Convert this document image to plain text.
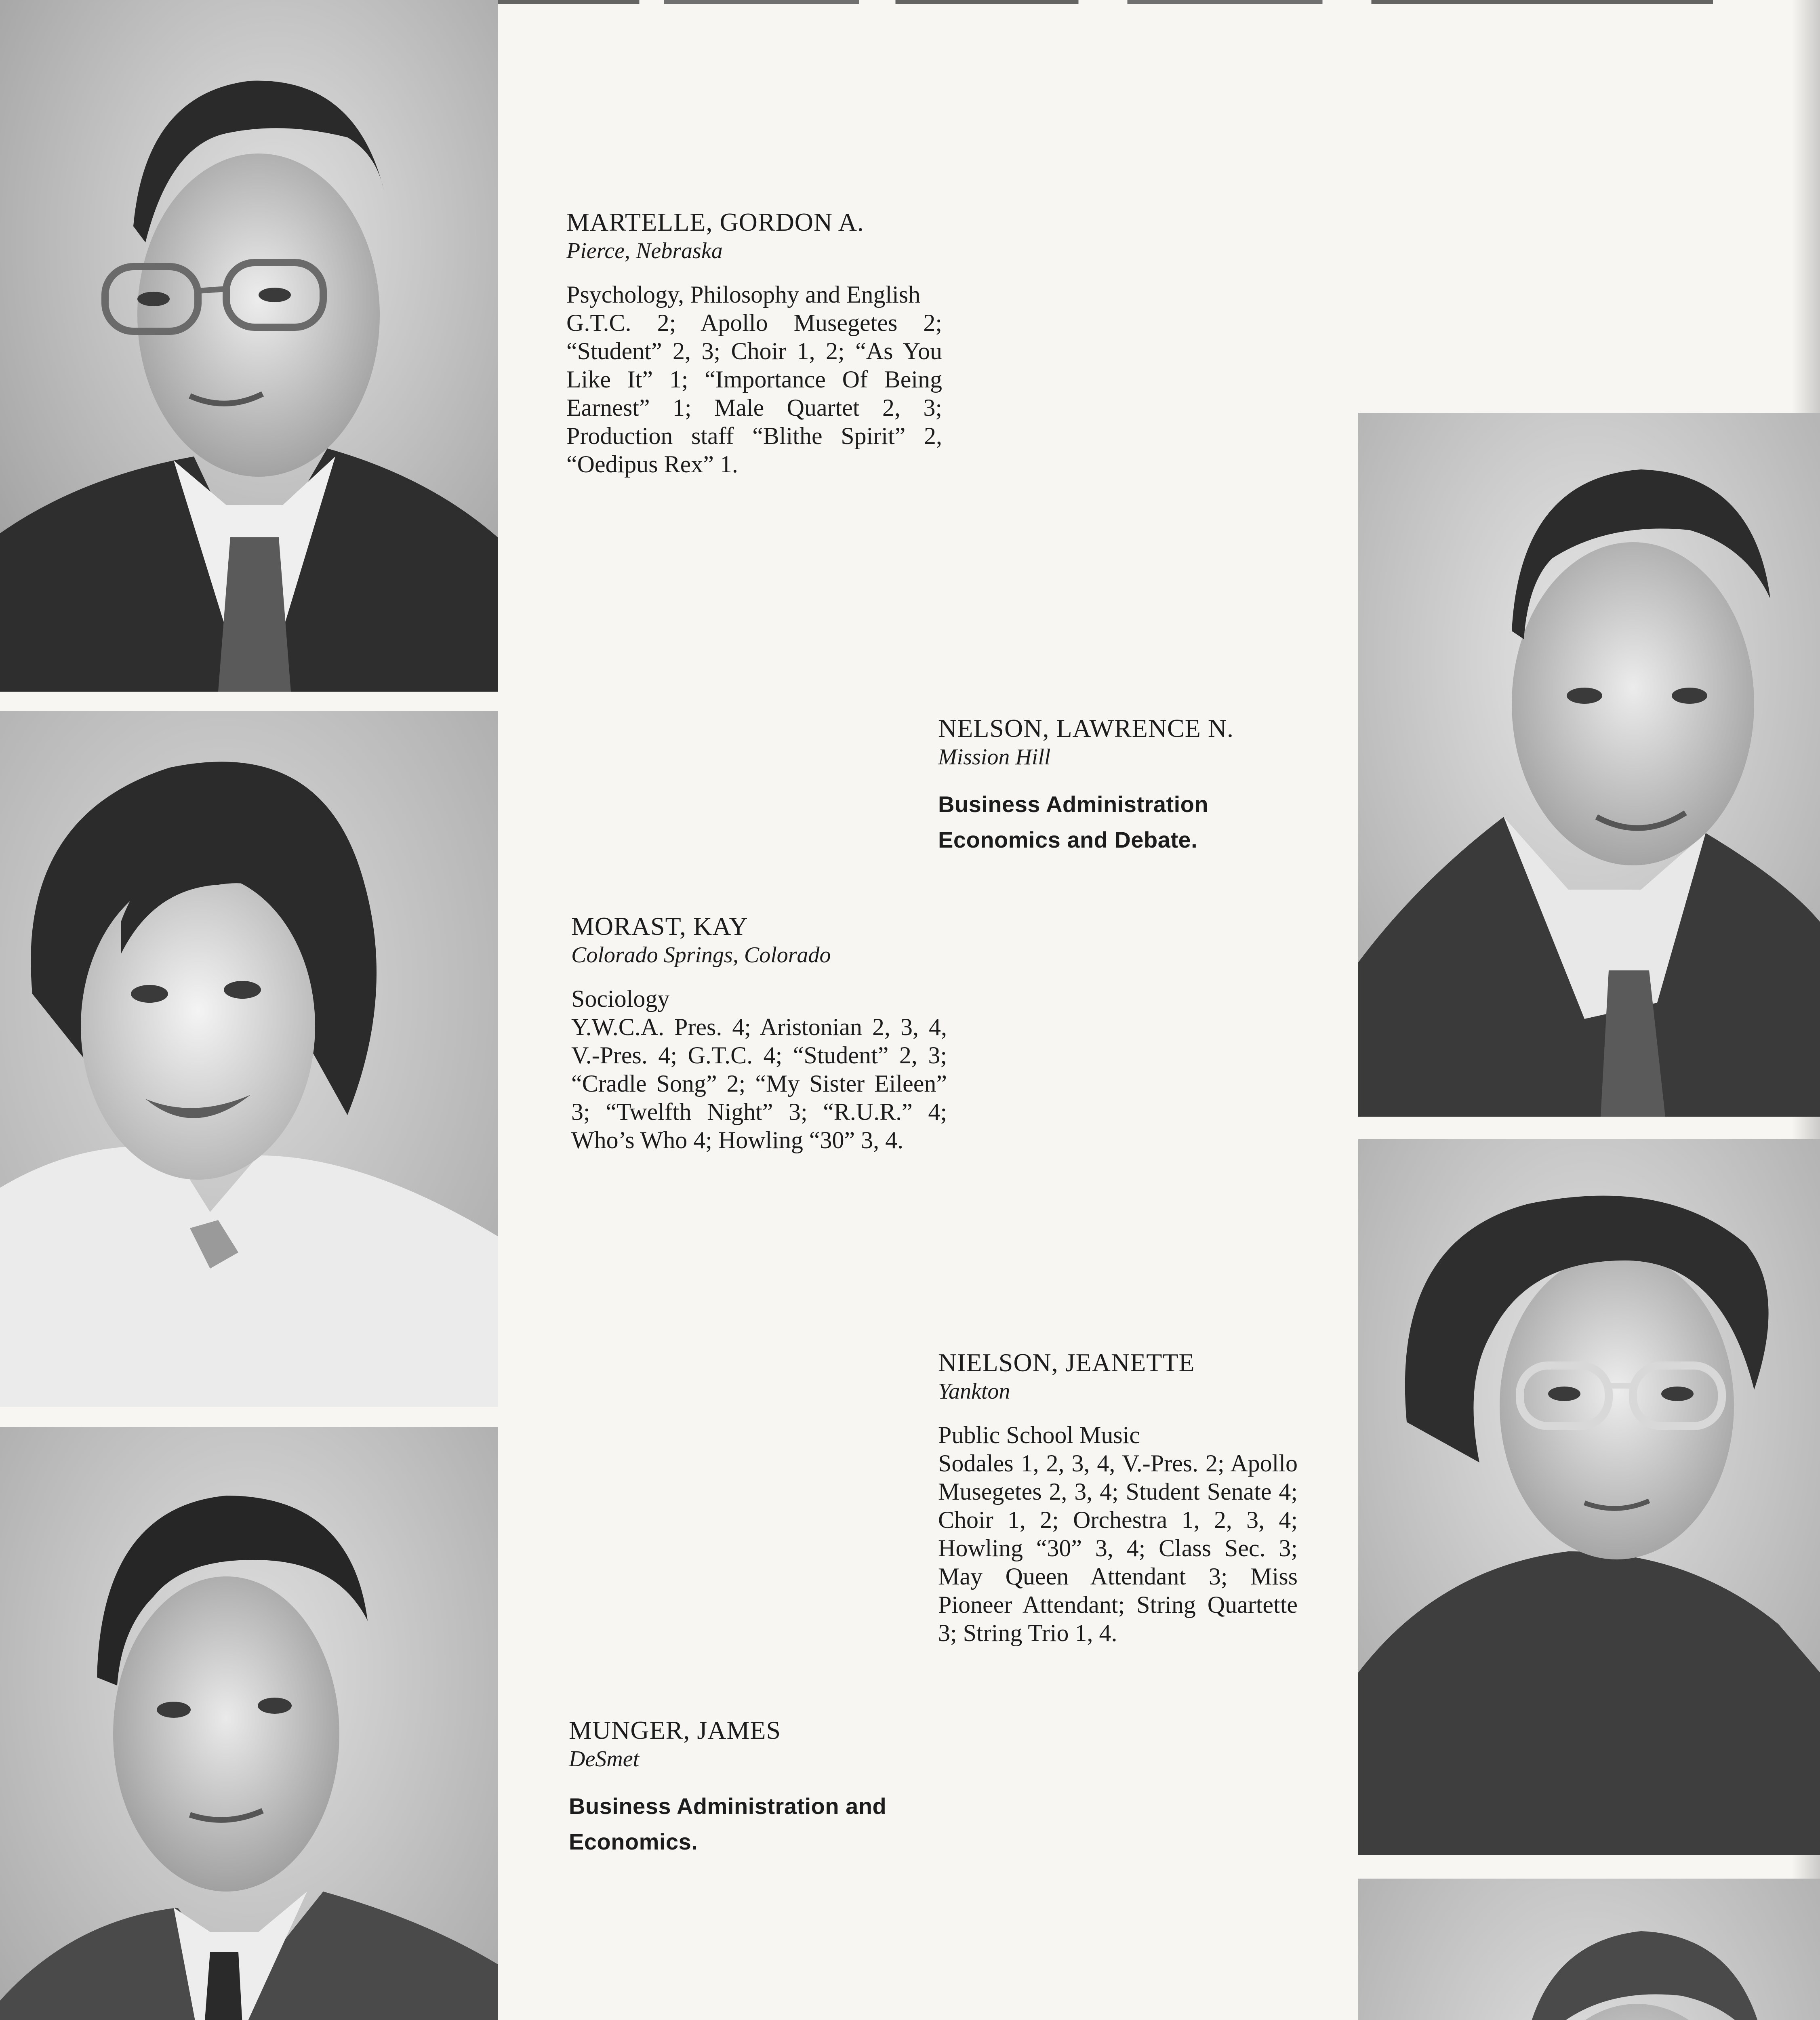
MARTELLE, GORDON A.

Pierce, Nebraska

Psychology, Philosophy and English

G.T.C. 2; Apollo Musegetes 2; “Student” 2, 3; Choir 1, 2; “As You Like It” 1; “Importance Of Being Earnest” 1; Male Quartet 2, 3; Production staff “Blithe Spirit” 2, “Oedipus Rex” 1.

NELSON, LAWRENCE N.

Mission Hill

Business Administration Economics and Debate.

MORAST, KAY

Colorado Springs, Colorado

Sociology

Y.W.C.A. Pres. 4; Aristonian 2, 3, 4, V.-Pres. 4; G.T.C. 4; “Student” 2, 3; “Cradle Song” 2; “My Sister Eileen” 3; “Twelfth Night” 3; “R.U.R.” 4; Who’s Who 4; Howling “30” 3, 4.

NIELSON, JEANETTE

Yankton

Public School Music

Sodales 1, 2, 3, 4, V.-Pres. 2; Apollo Musegetes 2, 3, 4; Student Senate 4; Choir 1, 2; Orchestra 1, 2, 3, 4; Howling “30” 3, 4; Class Sec. 3; May Queen Attendant 3; Miss Pioneer Attendant; String Quartette 3; String Trio 1, 4.

MUNGER, JAMES

DeSmet

Business Administration and Economics.
